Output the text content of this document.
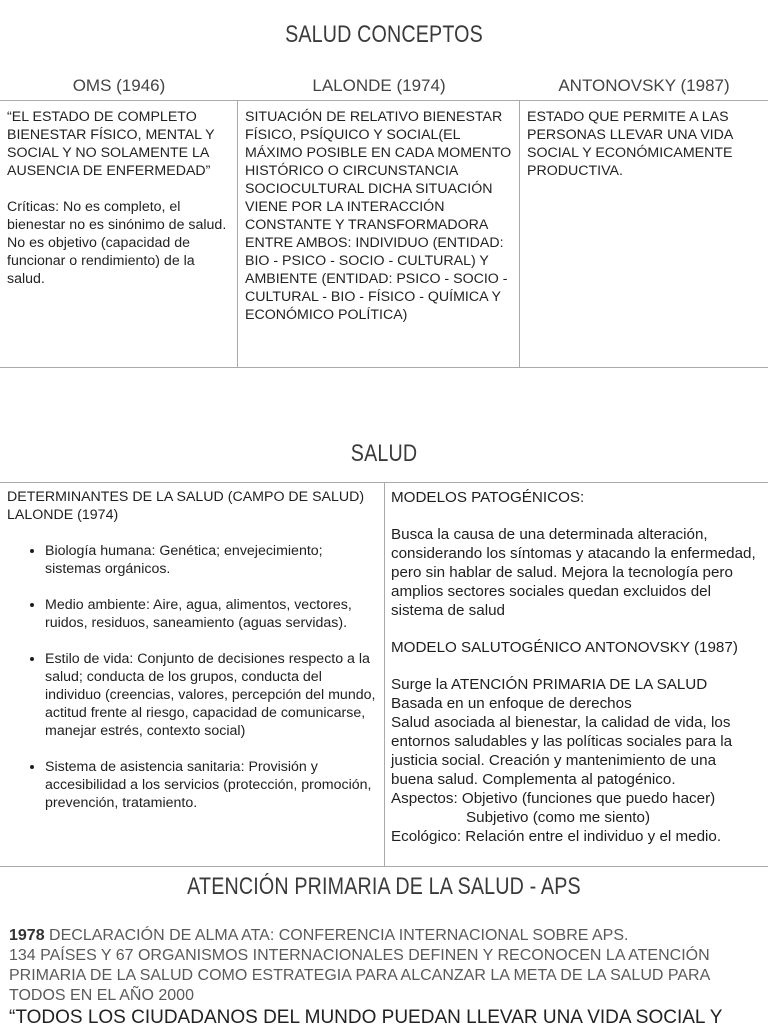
SALUD CONCEPTOS
OMS (1946)	LALONDE (1974)	ANTONOVSKY (1987)
“EL ESTADO DE COMPLETO BIENESTAR FÍSICO, MENTAL Y SOCIAL Y NO SOLAMENTE LA AUSENCIA DE ENFERMEDAD”
Críticas: No es completo, el bienestar no es sinónimo de salud. No es objetivo (capacidad de funcionar o rendimiento) de la salud.
SITUACIÓN DE RELATIVO BIENESTAR FÍSICO, PSÍQUICO Y SOCIAL(EL MÁXIMO POSIBLE EN CADA MOMENTO HISTÓRICO O CIRCUNSTANCIA SOCIOCULTURAL DICHA SITUACIÓN VIENE POR LA INTERACCIÓN CONSTANTE Y TRANSFORMADORA ENTRE AMBOS: INDIVIDUO (ENTIDAD: BIO - PSICO - SOCIO - CULTURAL) Y AMBIENTE (ENTIDAD: PSICO - SOCIO - CULTURAL - BIO - FÍSICO - QUÍMICA Y ECONÓMICO POLÍTICA)
ESTADO QUE PERMITE A LAS PERSONAS LLEVAR UNA VIDA SOCIAL Y ECONÓMICAMENTE PRODUCTIVA.
SALUD
DETERMINANTES DE LA SALUD (CAMPO DE SALUD) LALONDE (1974)
• Biología humana: Genética; envejecimiento; sistemas orgánicos.
• Medio ambiente: Aire, agua, alimentos, vectores, ruidos, residuos, saneamiento (aguas servidas).
• Estilo de vida: Conjunto de decisiones respecto a la salud; conducta de los grupos, conducta del individuo (creencias, valores, percepción del mundo, actitud frente al riesgo, capacidad de comunicarse, manejar estrés, contexto social)
• Sistema de asistencia sanitaria: Provisión y accesibilidad a los servicios (protección, promoción, prevención, tratamiento.
MODELOS PATOGÉNICOS:
Busca la causa de una determinada alteración, considerando los síntomas y atacando la enfermedad, pero sin hablar de salud. Mejora la tecnología pero amplios sectores sociales quedan excluidos del sistema de salud
MODELO SALUTOGÉNICO ANTONOVSKY (1987)
Surge la ATENCIÓN PRIMARIA DE LA SALUD
Basada en un enfoque de derechos
Salud asociada al bienestar, la calidad de vida, los entornos saludables y las políticas sociales para la justicia social. Creación y mantenimiento de una buena salud. Complementa al patogénico.
Aspectos: Objetivo (funciones que puedo hacer)
Subjetivo (como me siento)
Ecológico: Relación entre el individuo y el medio.
ATENCIÓN PRIMARIA DE LA SALUD - APS
1978 DECLARACIÓN DE ALMA ATA: CONFERENCIA INTERNACIONAL SOBRE APS.
134 PAÍSES Y 67 ORGANISMOS INTERNACIONALES DEFINEN Y RECONOCEN LA ATENCIÓN PRIMARIA DE LA SALUD COMO ESTRATEGIA PARA ALCANZAR LA META DE LA SALUD PARA TODOS EN EL AÑO 2000
“TODOS LOS CIUDADANOS DEL MUNDO PUEDAN LLEVAR UNA VIDA SOCIAL Y
